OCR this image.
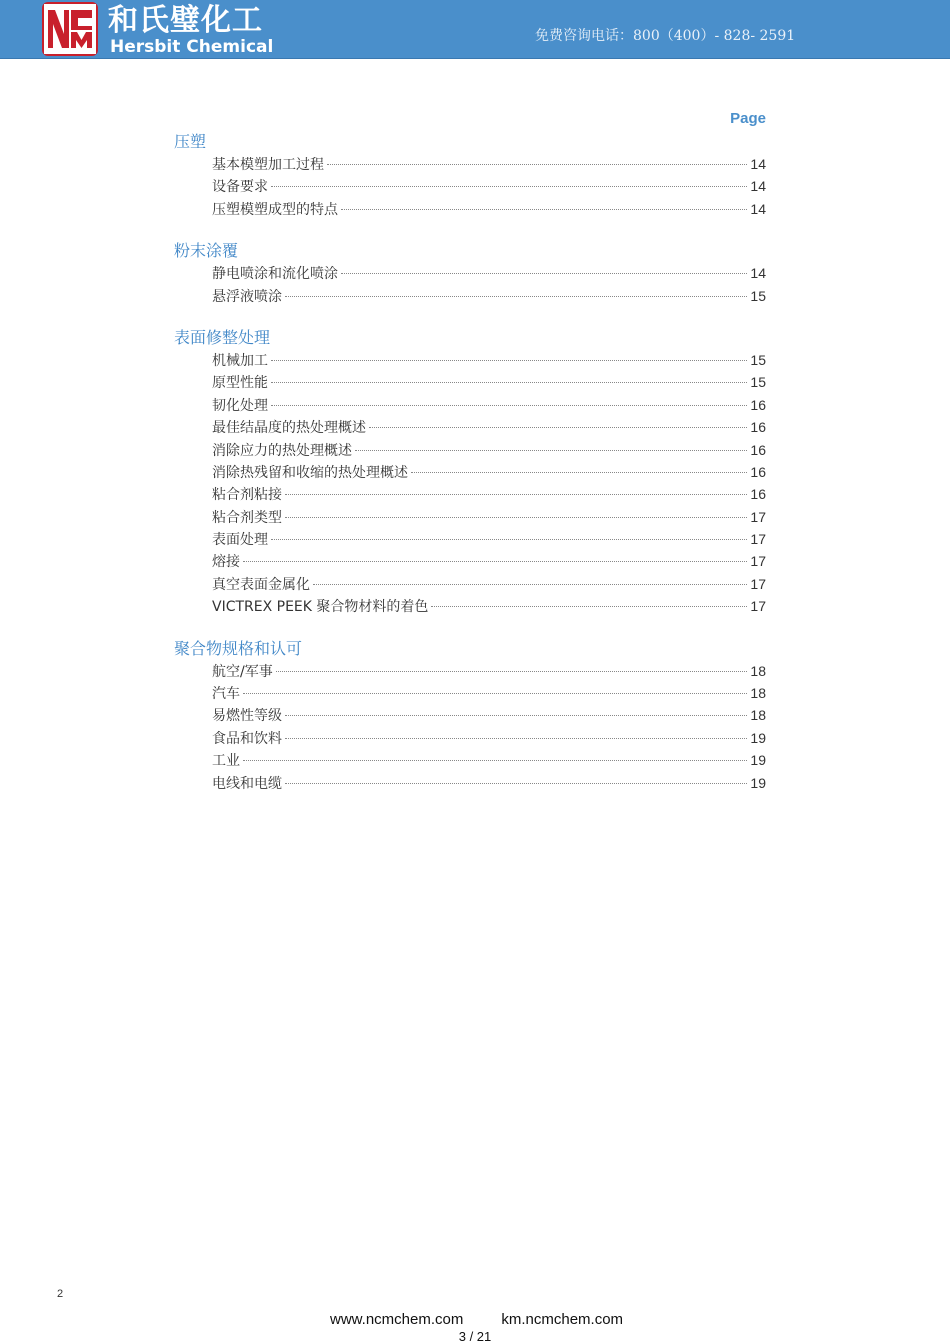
和氏璧化工
Hersbit Chemical
免费咨询电话：800（400）- 828- 2591
Page
压塑
基本模塑加工过程	14
设备要求	14
压塑模塑成型的特点	14
粉末涂覆
静电喷涂和流化喷涂	14
悬浮液喷涂	15
表面修整处理
机械加工	15
原型性能	15
韧化处理	16
最佳结晶度的热处理概述	16
消除应力的热处理概述	16
消除热残留和收缩的热处理概述	16
粘合剂粘接	16
粘合剂类型	17
表面处理	17
熔接	17
真空表面金属化	17
VICTREX PEEK 聚合物材料的着色	17
聚合物规格和认可
航空/军事	18
汽车	18
易燃性等级	18
食品和饮料	19
工业	19
电线和电缆	19
2
www.ncmchem.com	km.ncmchem.com
3 / 21
